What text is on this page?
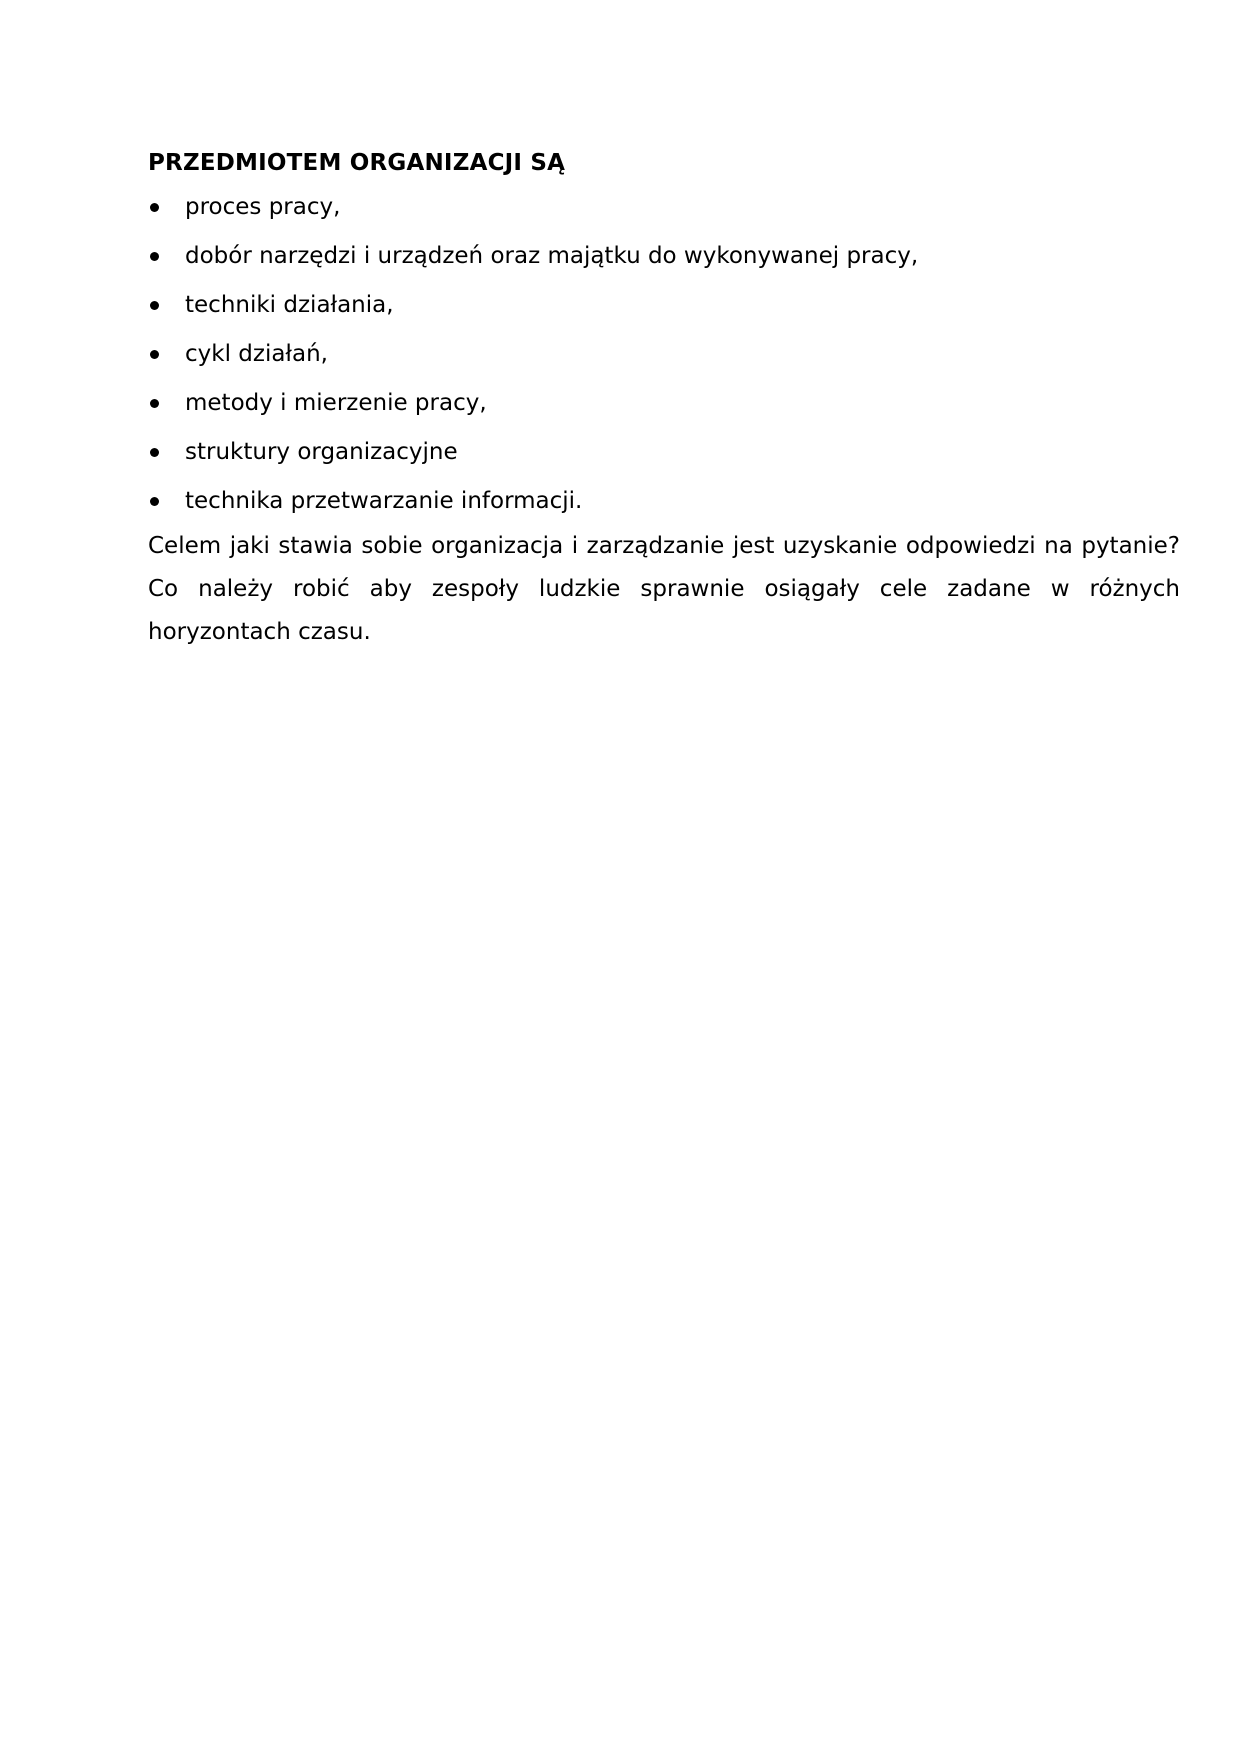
PRZEDMIOTEM ORGANIZACJI SĄ
proces pracy,
dobór narzędzi i urządzeń oraz majątku do wykonywanej pracy,
techniki działania,
cykl działań,
metody i mierzenie pracy,
struktury organizacyjne
technika przetwarzanie informacji.

Celem jaki stawia sobie organizacja i zarządzanie jest uzyskanie odpowiedzi na pytanie? Co należy robić aby zespoły ludzkie sprawnie osiągały cele zadane w różnych horyzontach czasu.
